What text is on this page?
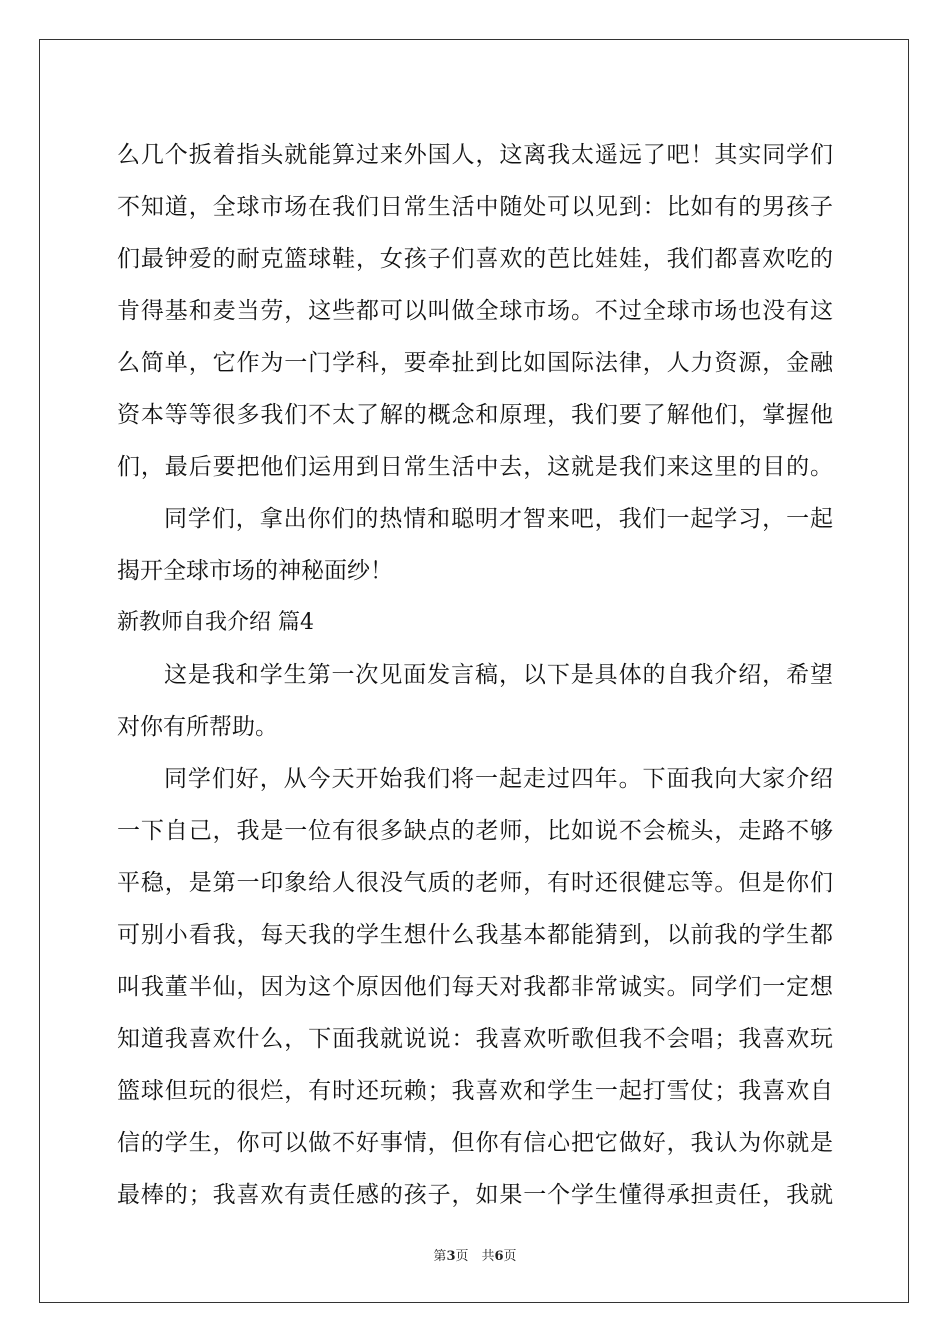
么几个扳着指头就能算过来外国人，这离我太遥远了吧！其实同学们
不知道，全球市场在我们日常生活中随处可以见到：比如有的男孩子
们最钟爱的耐克篮球鞋，女孩子们喜欢的芭比娃娃，我们都喜欢吃的
肯得基和麦当劳，这些都可以叫做全球市场。不过全球市场也没有这
么简单，它作为一门学科，要牵扯到比如国际法律，人力资源，金融
资本等等很多我们不太了解的概念和原理，我们要了解他们，掌握他
们，最后要把他们运用到日常生活中去，这就是我们来这里的目的。
同学们，拿出你们的热情和聪明才智来吧，我们一起学习，一起
揭开全球市场的神秘面纱！
新教师自我介绍 篇4
这是我和学生第一次见面发言稿，以下是具体的自我介绍，希望
对你有所帮助。
同学们好，从今天开始我们将一起走过四年。下面我向大家介绍
一下自己，我是一位有很多缺点的老师，比如说不会梳头，走路不够
平稳，是第一印象给人很没气质的老师，有时还很健忘等。但是你们
可别小看我，每天我的学生想什么我基本都能猜到，以前我的学生都
叫我董半仙，因为这个原因他们每天对我都非常诚实。同学们一定想
知道我喜欢什么，下面我就说说：我喜欢听歌但我不会唱；我喜欢玩
篮球但玩的很烂，有时还玩赖；我喜欢和学生一起打雪仗；我喜欢自
信的学生，你可以做不好事情，但你有信心把它做好，我认为你就是
最棒的；我喜欢有责任感的孩子，如果一个学生懂得承担责任，我就
第3页　共6页
